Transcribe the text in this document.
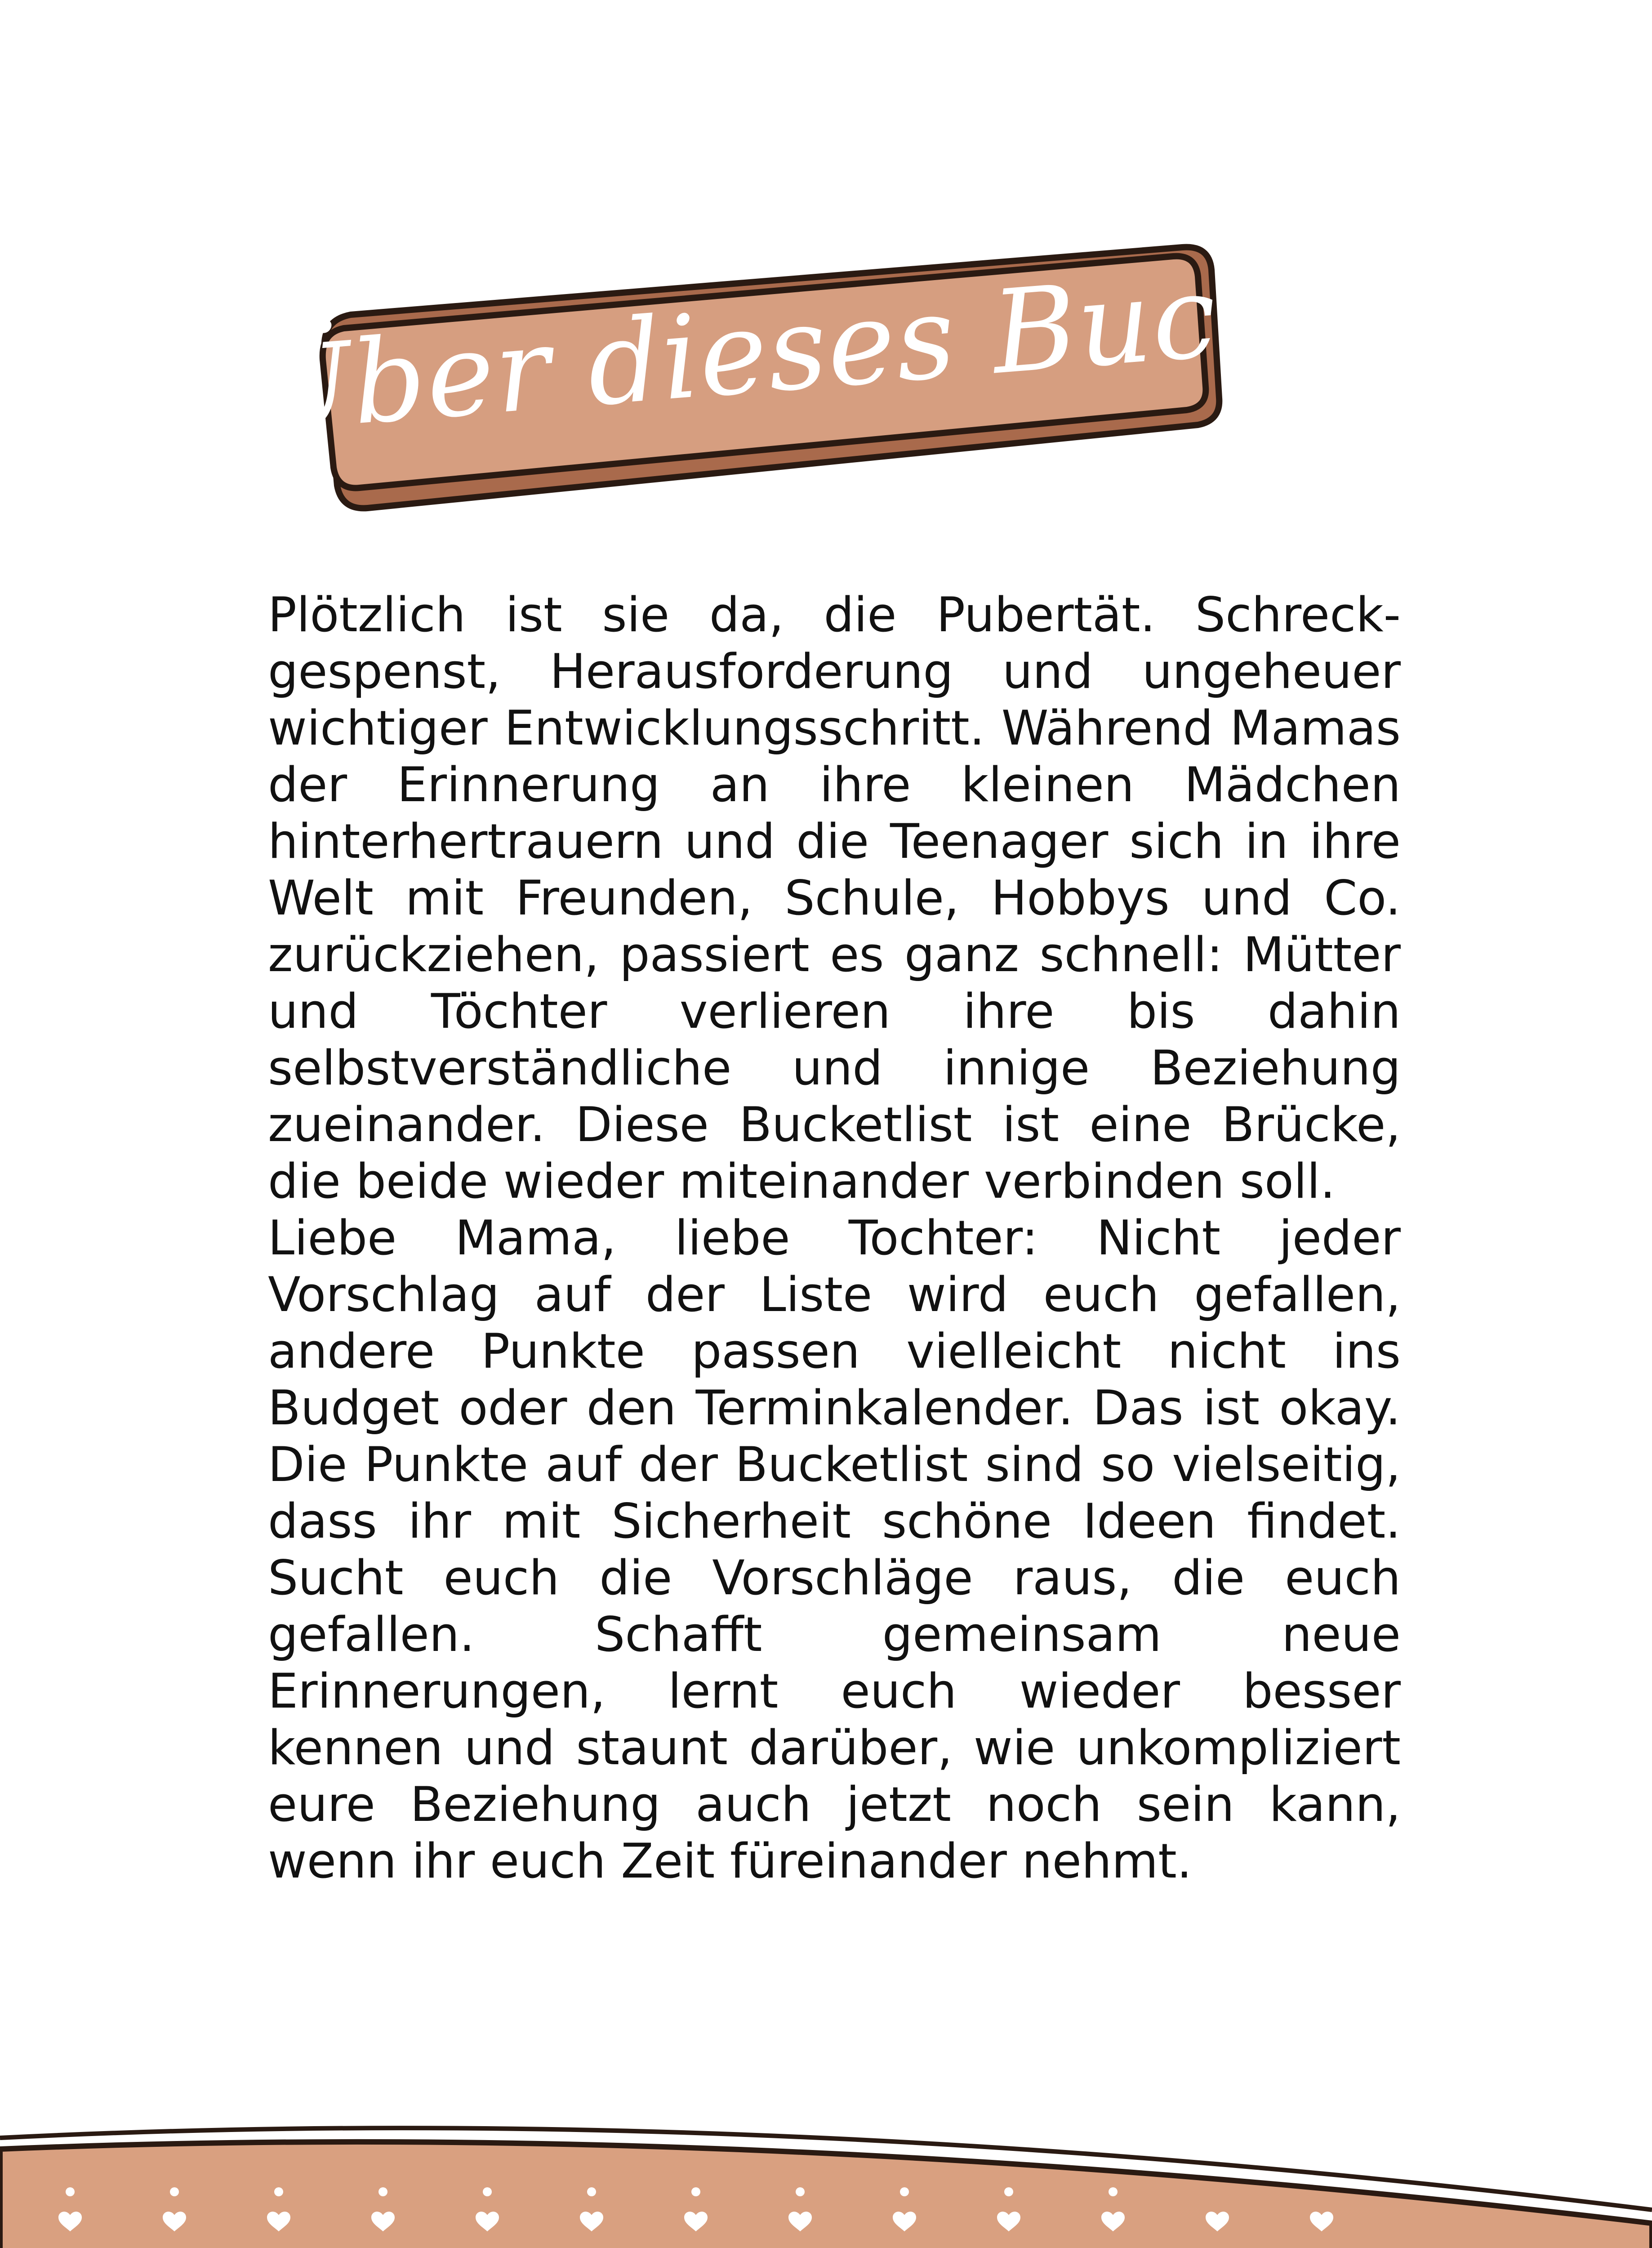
Über dieses Buch

Plötzlich ist sie da, die Pubertät. Schreckgespenst, Herausforderung und ungeheuer wichtiger Entwicklungsschritt. Während Mamas der Erinnerung an ihre kleinen Mädchen hinterhertrauern und die Teenager sich in ihre Welt mit Freunden, Schule, Hobbys und Co. zurückziehen, passiert es ganz schnell: Mütter und Töchter verlieren ihre bis dahin selbstverständliche und innige Beziehung zueinander. Diese Bucketlist ist eine Brücke, die beide wieder miteinander verbinden soll.

Liebe Mama, liebe Tochter: Nicht jeder Vorschlag auf der Liste wird euch gefallen, andere Punkte passen vielleicht nicht ins Budget oder den Terminkalender. Das ist okay. Die Punkte auf der Bucketlist sind so vielseitig, dass ihr mit Sicherheit schöne Ideen findet. Sucht euch die Vorschläge raus, die euch gefallen. Schafft gemeinsam neue Erinnerungen, lernt euch wieder besser kennen und staunt darüber, wie unkompliziert eure Beziehung auch jetzt noch sein kann, wenn ihr euch Zeit füreinander nehmt.
